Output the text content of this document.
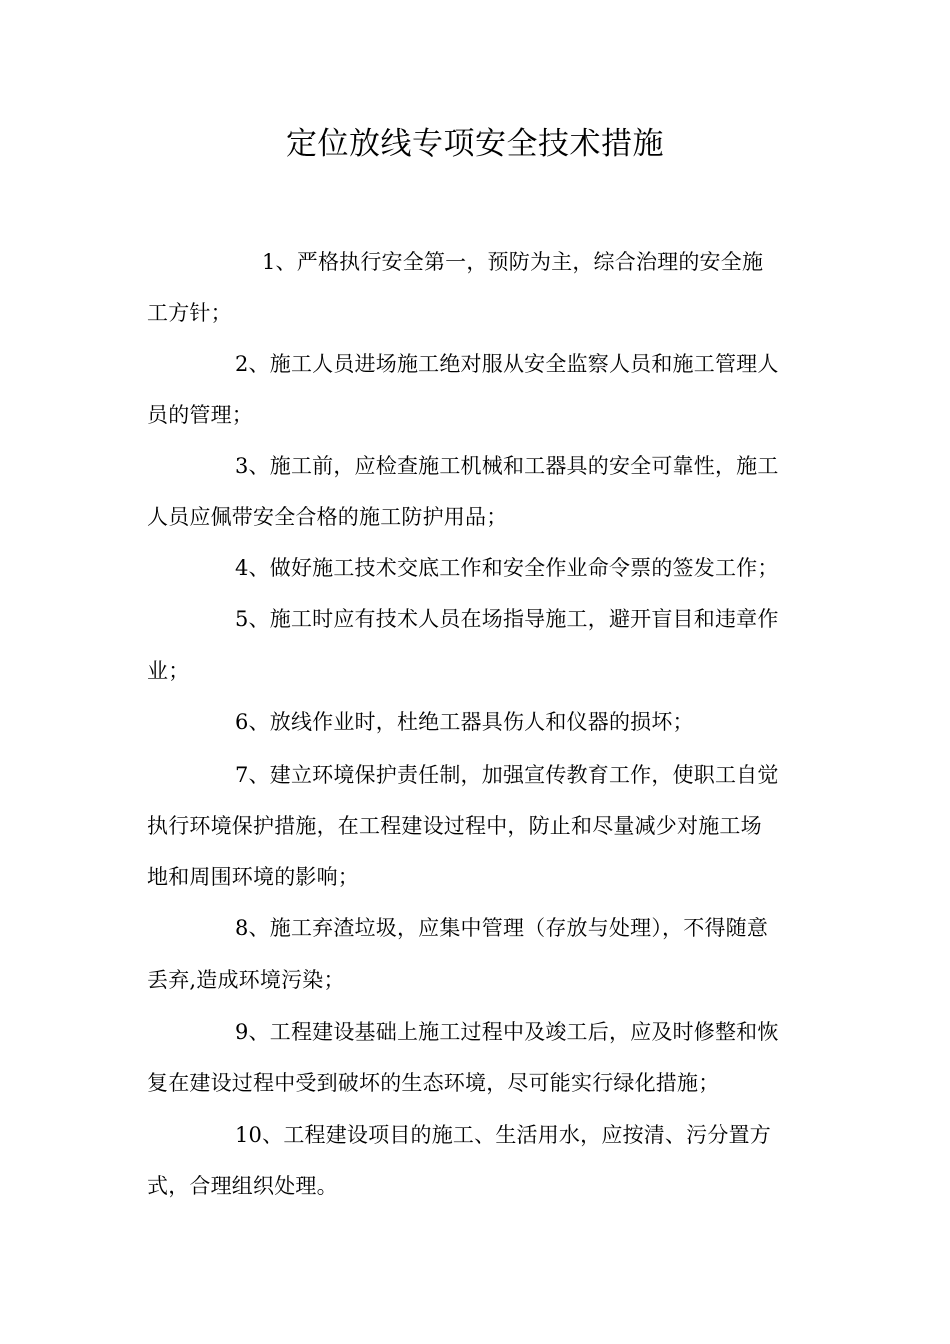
定位放线专项安全技术措施
1、严格执行安全第一，预防为主，综合治理的安全施
工方针；
2、施工人员进场施工绝对服从安全监察人员和施工管理人
员的管理；
3、施工前，应检查施工机械和工器具的安全可靠性，施工
人员应佩带安全合格的施工防护用品；
4、做好施工技术交底工作和安全作业命令票的签发工作；
5、施工时应有技术人员在场指导施工，避开盲目和违章作
业；
6、放线作业时，杜绝工器具伤人和仪器的损坏；
7、建立环境保护责任制，加强宣传教育工作，使职工自觉
执行环境保护措施，在工程建设过程中，防止和尽量减少对施工场
地和周围环境的影响；
8、施工弃渣垃圾，应集中管理（存放与处理），不得随意
丢弃,造成环境污染；
9、工程建设基础上施工过程中及竣工后，应及时修整和恢
复在建设过程中受到破坏的生态环境，尽可能实行绿化措施；
10、工程建设项目的施工、生活用水，应按清、污分置方
式，合理组织处理。
